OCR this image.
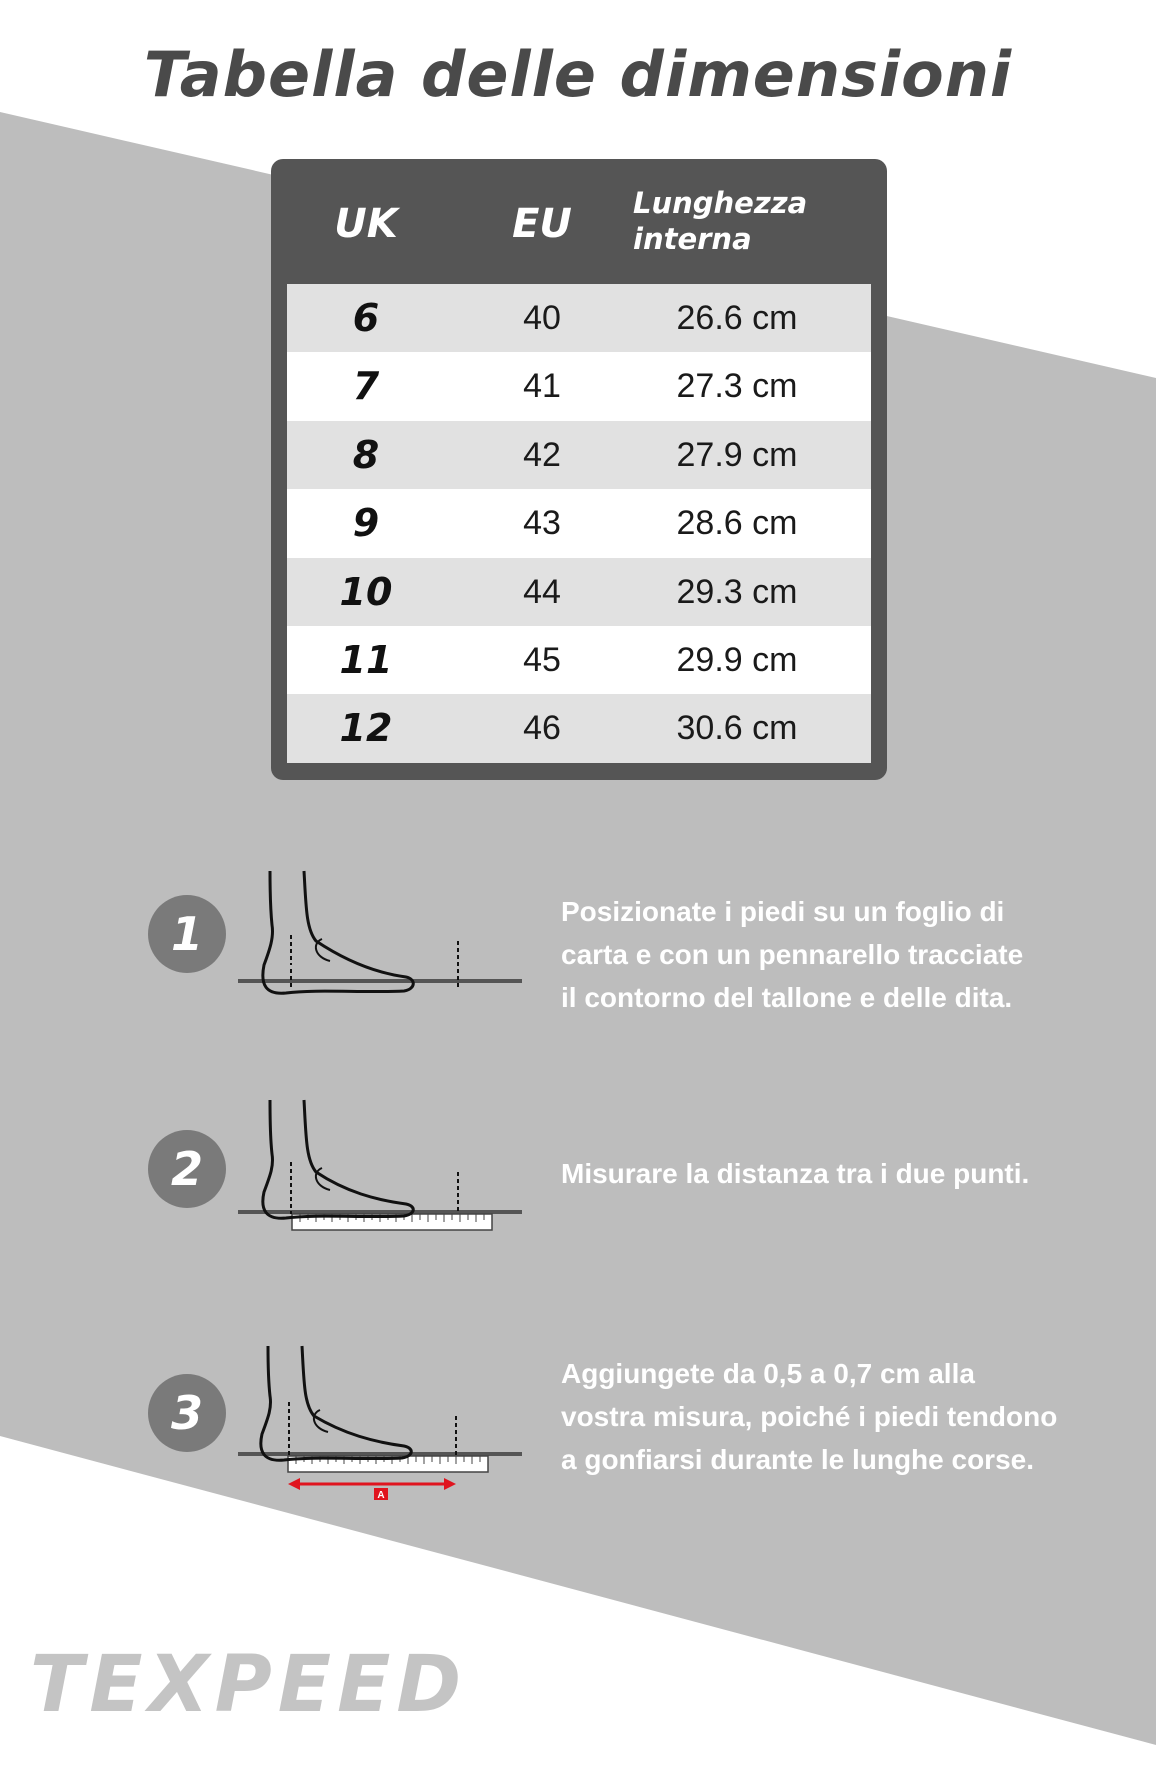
Tabella delle dimensioni
UK	EU	Lunghezza
interna
6	40	26.6 cm
7	41	27.3 cm
8	42	27.9 cm
9	43	28.6 cm
10	44	29.3 cm
11	45	29.9 cm
12	46	30.6 cm
1	Posizionate i piedi su un foglio di
carta e con un pennarello tracciate
il contorno del tallone e delle dita.

2	Misurare la distanza tra i due punti.

3
A

Aggiungete da 0,5 a 0,7 cm alla
vostra misura, poiché i piedi tendono
a gonfiarsi durante le lunghe corse.

TEXPEED
